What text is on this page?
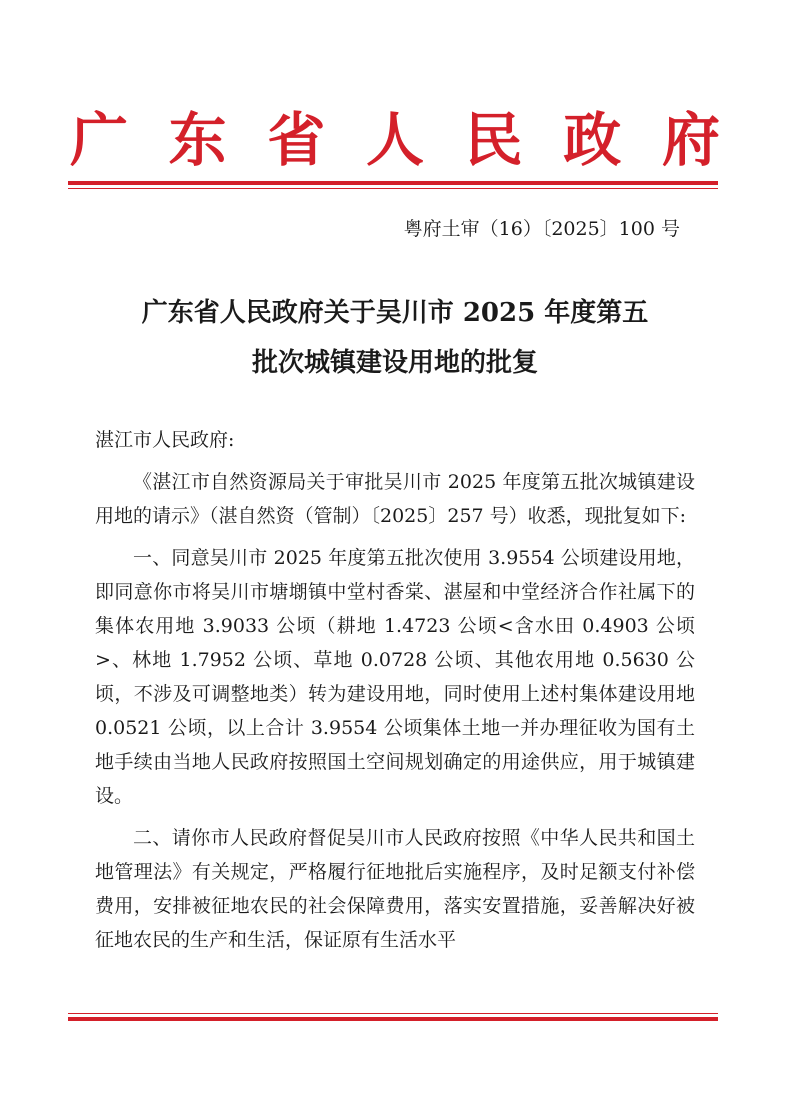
广 东 省 人 民 政 府
粤府土审（16）〔2025〕100 号
广东省人民政府关于吴川市 2025 年度第五
批次城镇建设用地的批复

湛江市人民政府:

《湛江市自然资源局关于审批吴川市 2025 年度第五批次城镇建设用地的请示》（湛自然资（管制）〔2025〕257 号）收悉，现批复如下:

一、同意吴川市 2025 年度第五批次使用 3.9554 公顷建设用地，即同意你市将吴川市塘㙟镇中堂村香棠、湛屋和中堂经济合作社属下的集体农用地 3.9033 公顷（耕地 1.4723 公顷<含水田 0.4903 公顷>、林地 1.7952 公顷、草地 0.0728 公顷、其他农用地 0.5630 公顷，不涉及可调整地类）转为建设用地，同时使用上述村集体建设用地 0.0521 公顷，以上合计 3.9554 公顷集体土地一并办理征收为国有土地手续由当地人民政府按照国土空间规划确定的用途供应，用于城镇建设。

二、请你市人民政府督促吴川市人民政府按照《中华人民共和国土地管理法》有关规定，严格履行征地批后实施程序，及时足额支付补偿费用，安排被征地农民的社会保障费用，落实安置措施，妥善解决好被征地农民的生产和生活，保证原有生活水平
